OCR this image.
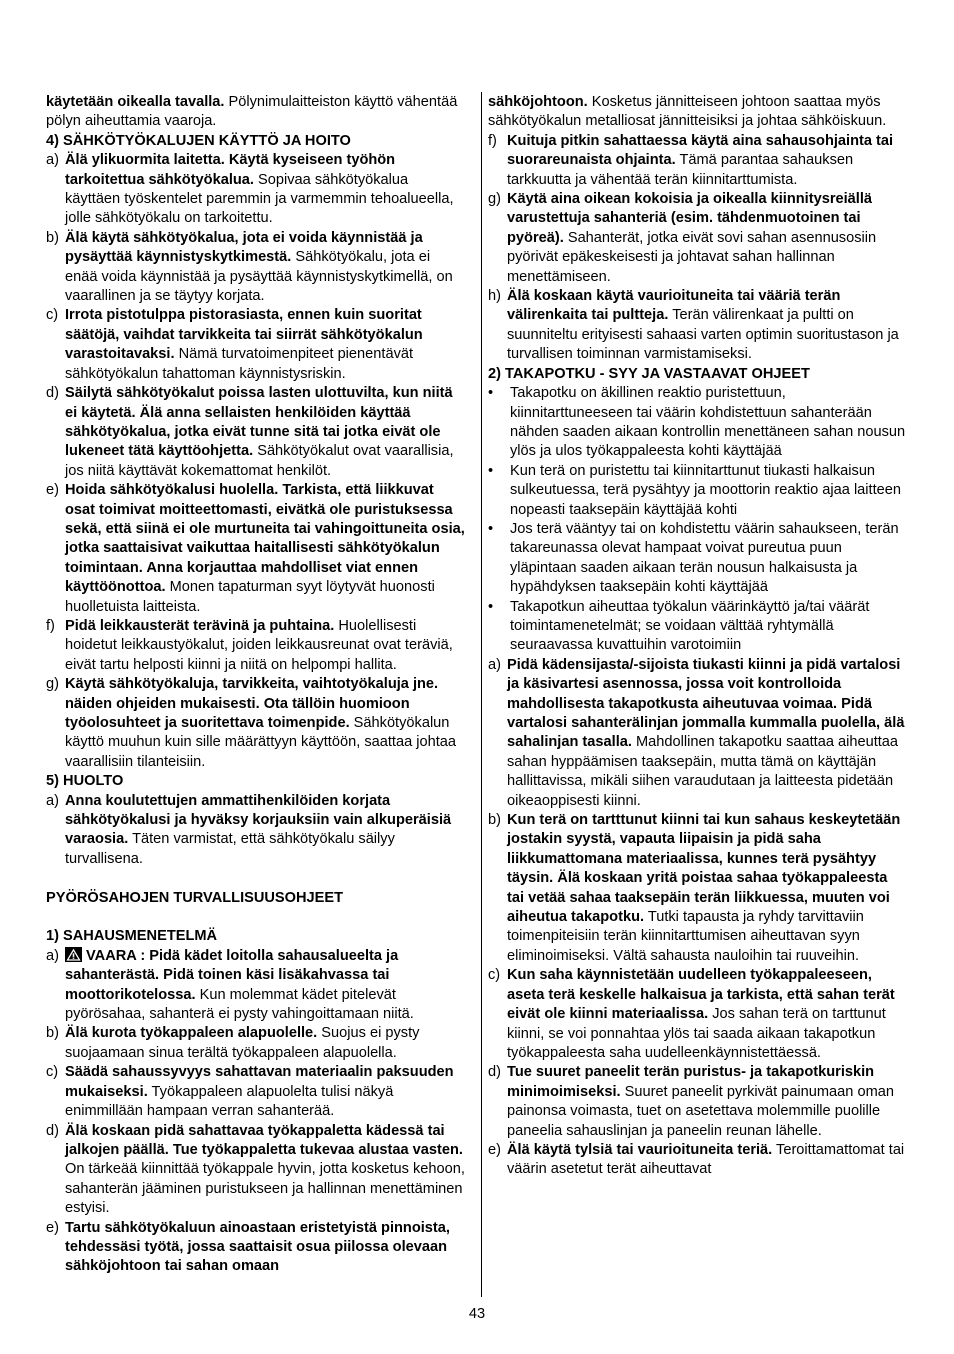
käytetään oikealla tavalla. Pölynimulaitteiston käyttö vähentää pölyn aiheuttamia vaaroja.

4) SÄHKÖTYÖKALUJEN KÄYTTÖ JA HOITO

a) Älä ylikuormita laitetta. Käytä kyseiseen työhön tarkoitettua sähkötyökalua. Sopivaa sähkötyökalua käyttäen työskentelet paremmin ja varmemmin tehoalueella, jolle sähkötyökalu on tarkoitettu.
b) Älä käytä sähkötyökalua, jota ei voida käynnistää ja pysäyttää käynnistyskytkimestä. Sähkötyökalu, jota ei enää voida käynnistää ja pysäyttää käynnistyskytkimellä, on vaarallinen ja se täytyy korjata.
c) Irrota pistotulppa pistorasiasta, ennen kuin suoritat säätöjä, vaihdat tarvikkeita tai siirrät sähkötyökalun varastoitavaksi. Nämä turvatoimenpiteet pienentävät sähkötyökalun tahattoman käynnistysriskin.
d) Säilytä sähkötyökalut poissa lasten ulottuvilta, kun niitä ei käytetä. Älä anna sellaisten henkilöiden käyttää sähkötyökalua, jotka eivät tunne sitä tai jotka eivät ole lukeneet tätä käyttöohjetta. Sähkötyökalut ovat vaarallisia, jos niitä käyttävät kokemattomat henkilöt.
e) Hoida sähkötyökalusi huolella. Tarkista, että liikkuvat osat toimivat moitteettomasti, eivätkä ole puristuksessa sekä, että siinä ei ole murtuneita tai vahingoittuneita osia, jotka saattaisivat vaikuttaa haitallisesti sähkötyökalun toimintaan. Anna korjauttaa mahdolliset viat ennen käyttöönottoa. Monen tapaturman syyt löytyvät huonosti huolletuista laitteista.
f) Pidä leikkausterät terävinä ja puhtaina. Huolellisesti hoidetut leikkaustyökalut, joiden leikkausreunat ovat teräviä, eivät tartu helposti kiinni ja niitä on helpompi hallita.
g) Käytä sähkötyökaluja, tarvikkeita, vaihtotyökaluja jne. näiden ohjeiden mukaisesti. Ota tällöin huomioon työolosuhteet ja suoritettava toimenpide. Sähkötyökalun käyttö muuhun kuin sille määrättyyn käyttöön, saattaa johtaa vaarallisiin tilanteisiin.

5) HUOLTO

a) Anna koulutettujen ammattihenkilöiden korjata sähkötyökalusi ja hyväksy korjauksiin vain alkuperäisiä varaosia. Täten varmistat, että sähkötyökalu säilyy turvallisena.

PYÖRÖSAHOJEN TURVALLISUUSOHJEET

1) SAHAUSMENETELMÄ

a) VAARA : Pidä kädet loitolla sahausalueelta ja sahanterästä. Pidä toinen käsi lisäkahvassa tai moottorikotelossa. Kun molemmat kädet pitelevät pyörösahaa, sahanterä ei pysty vahingoittamaan niitä.
b) Älä kurota työkappaleen alapuolelle. Suojus ei pysty suojaamaan sinua terältä työkappaleen alapuolella.
c) Säädä sahaussyvyys sahattavan materiaalin paksuuden mukaiseksi. Työkappaleen alapuolelta tulisi näkyä enimmillään hampaan verran sahanterää.
d) Älä koskaan pidä sahattavaa työkappaletta kädessä tai jalkojen päällä. Tue työkappaletta tukevaa alustaa vasten. On tärkeää kiinnittää työkappale hyvin, jotta kosketus kehoon, sahanterän jääminen puristukseen ja hallinnan menettäminen estyisi.
e) Tartu sähkötyökaluun ainoastaan eristetyistä pinnoista, tehdessäsi työtä, jossa saattaisit osua piilossa olevaan sähköjohtoon tai sahan omaan

sähköjohtoon. Kosketus jännitteiseen johtoon saattaa myös sähkötyökalun metalliosat jännitteisiksi ja johtaa sähköiskuun.

f) Kuituja pitkin sahattaessa käytä aina sahausohjainta tai suorareunaista ohjainta. Tämä parantaa sahauksen tarkkuutta ja vähentää terän kiinnitarttumista.
g) Käytä aina oikean kokoisia ja oikealla kiinnitysreiällä varustettuja sahanteriä (esim. tähdenmuotoinen tai pyöreä). Sahanterät, jotka eivät sovi sahan asennusosiin pyörivät epäkeskeisesti ja johtavat sahan hallinnan menettämiseen.
h) Älä koskaan käytä vaurioituneita tai vääriä terän välirenkaita tai pultteja. Terän välirenkaat ja pultti on suunniteltu erityisesti sahaasi varten optimin suoritustason ja turvallisen toiminnan varmistamiseksi.

2) TAKAPOTKU - SYY JA VASTAAVAT OHJEET

• Takapotku on äkillinen reaktio puristettuun, kiinnitarttuneeseen tai väärin kohdistettuun sahanterään nähden saaden aikaan kontrollin menettäneen sahan nousun ylös ja ulos työkappaleesta kohti käyttäjää
• Kun terä on puristettu tai kiinnitarttunut tiukasti halkaisun sulkeutuessa, terä pysähtyy ja moottorin reaktio ajaa laitteen nopeasti taaksepäin käyttäjää kohti
• Jos terä vääntyy tai on kohdistettu väärin sahaukseen, terän takareunassa olevat hampaat voivat pureutua puun yläpintaan saaden aikaan terän nousun halkaisusta ja hypähdyksen taaksepäin kohti käyttäjää
• Takapotkun aiheuttaa työkalun väärinkäyttö ja/tai väärät toimintamenetelmät; se voidaan välttää ryhtymällä seuraavassa kuvattuihin varotoimiin
a) Pidä kädensijasta/-sijoista tiukasti kiinni ja pidä vartalosi ja käsivartesi asennossa, jossa voit kontrolloida mahdollisesta takapotkusta aiheutuvaa voimaa. Pidä vartalosi sahanterälinjan jommalla kummalla puolella, älä sahalinjan tasalla. Mahdollinen takapotku saattaa aiheuttaa sahan hyppäämisen taaksepäin, mutta tämä on käyttäjän hallittavissa, mikäli siihen varaudutaan ja laitteesta pidetään oikeaoppisesti kiinni.
b) Kun terä on tartttunut kiinni tai kun sahaus keskeytetään jostakin syystä, vapauta liipaisin ja pidä saha liikkumattomana materiaalissa, kunnes terä pysähtyy täysin. Älä koskaan yritä poistaa sahaa työkappaleesta tai vetää sahaa taaksepäin terän liikkuessa, muuten voi aiheutua takapotku. Tutki tapausta ja ryhdy tarvittaviin toimenpiteisiin terän kiinnitarttumisen aiheuttavan syyn eliminoimiseksi. Vältä sahausta nauloihin tai ruuveihin.
c) Kun saha käynnistetään uudelleen työkappaleeseen, aseta terä keskelle halkaisua ja tarkista, että sahan terät eivät ole kiinni materiaalissa. Jos sahan terä on tarttunut kiinni, se voi ponnahtaa ylös tai saada aikaan takapotkun työkappaleesta saha uudelleenkäynnistettäessä.
d) Tue suuret paneelit terän puristus- ja takapotkuriskin minimoimiseksi. Suuret paneelit pyrkivät painumaan oman painonsa voimasta, tuet on asetettava molemmille puolille paneelia sahauslinjan ja paneelin reunan lähelle.
e) Älä käytä tylsiä tai vaurioituneita teriä. Teroittamattomat tai väärin asetetut terät aiheuttavat
43
